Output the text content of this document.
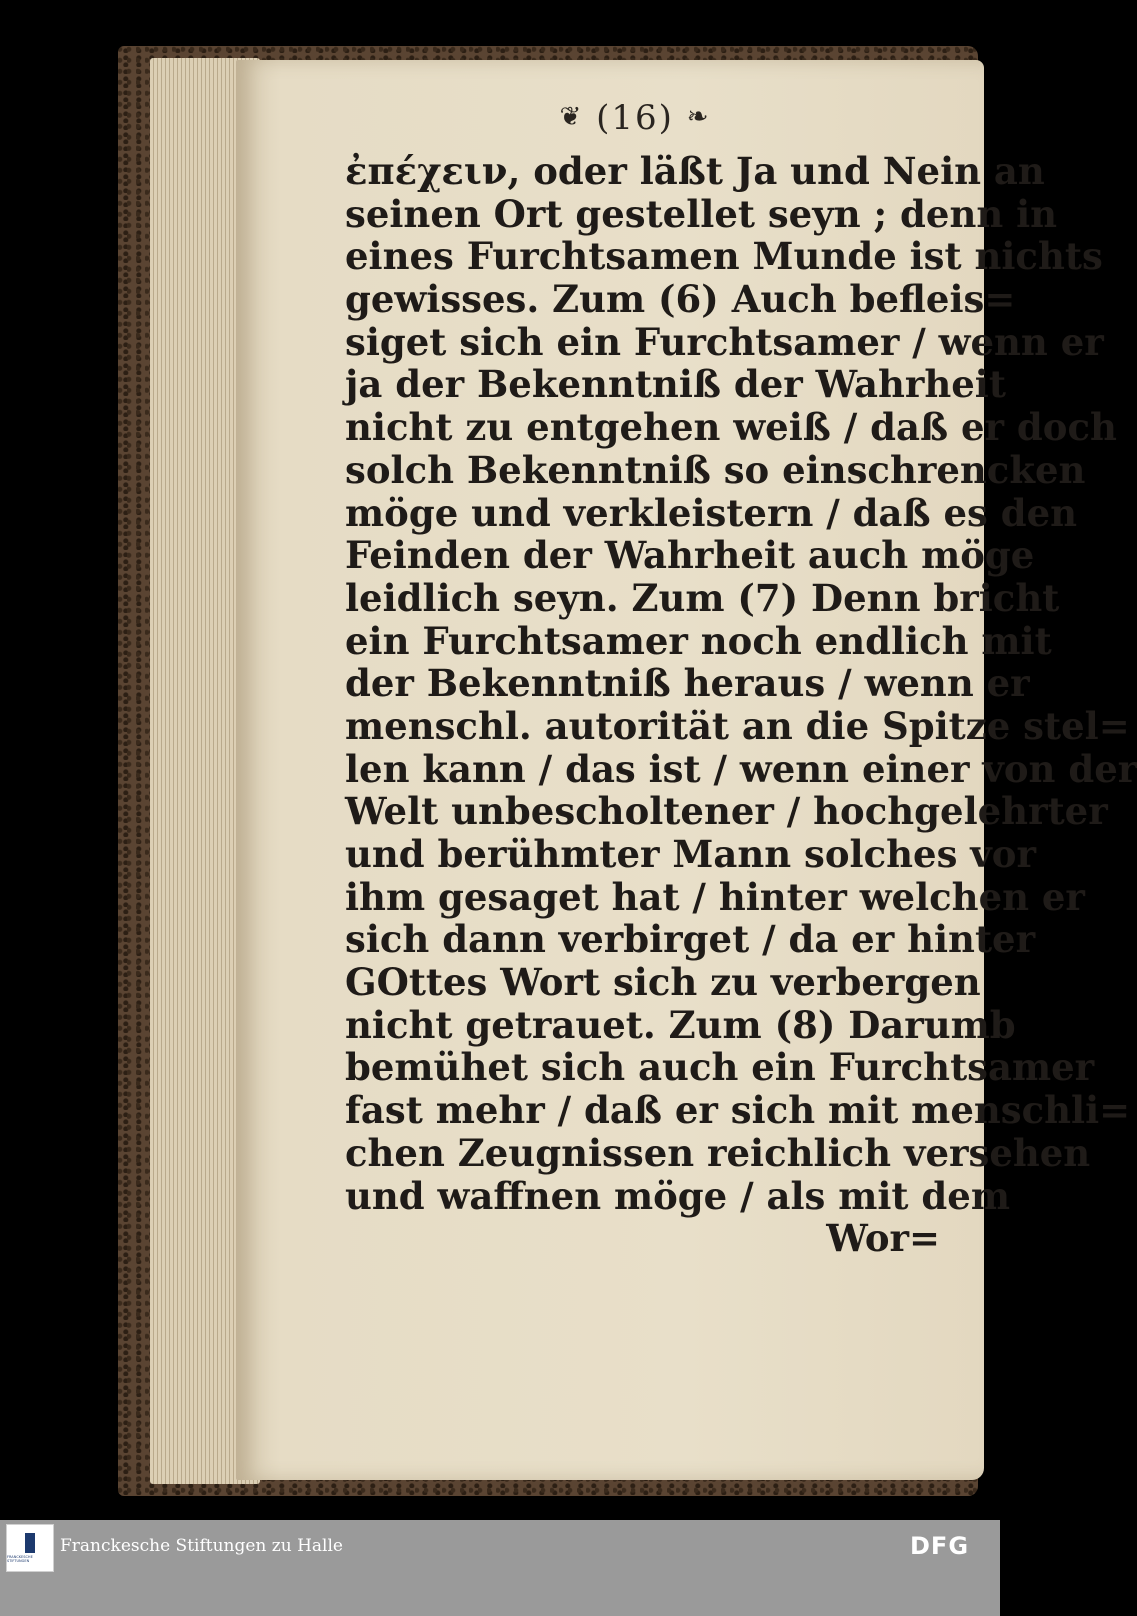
❦ (16) ❧
ἐπέχειν, oder läßt Ja und Nein an
seinen Ort gestellet seyn ; denn in
eines Furchtsamen Munde ist nichts
gewisses. Zum (6) Auch befleis=
siget sich ein Furchtsamer / wenn er
ja der Bekenntniß der Wahrheit
nicht zu entgehen weiß / daß er doch
solch Bekenntniß so einschrencken
möge und verkleistern / daß es den
Feinden der Wahrheit auch möge
leidlich seyn. Zum (7) Denn bricht
ein Furchtsamer noch endlich mit
der Bekenntniß heraus / wenn er
menschl. autorität an die Spitze stel=
len kann / das ist / wenn einer von der
Welt unbescholtener / hochgelehrter
und berühmter Mann solches vor
ihm gesaget hat / hinter welchen er
sich dann verbirget / da er hinter
GOttes Wort sich zu verbergen
nicht getrauet. Zum (8) Darumb
bemühet sich auch ein Furchtsamer
fast mehr / daß er sich mit menschli=
chen Zeugnissen reichlich versehen
und waffnen möge / als mit dem
Wor=
FRANCKESCHE STIFTUNGEN
Franckesche Stiftungen zu Halle	DFG
